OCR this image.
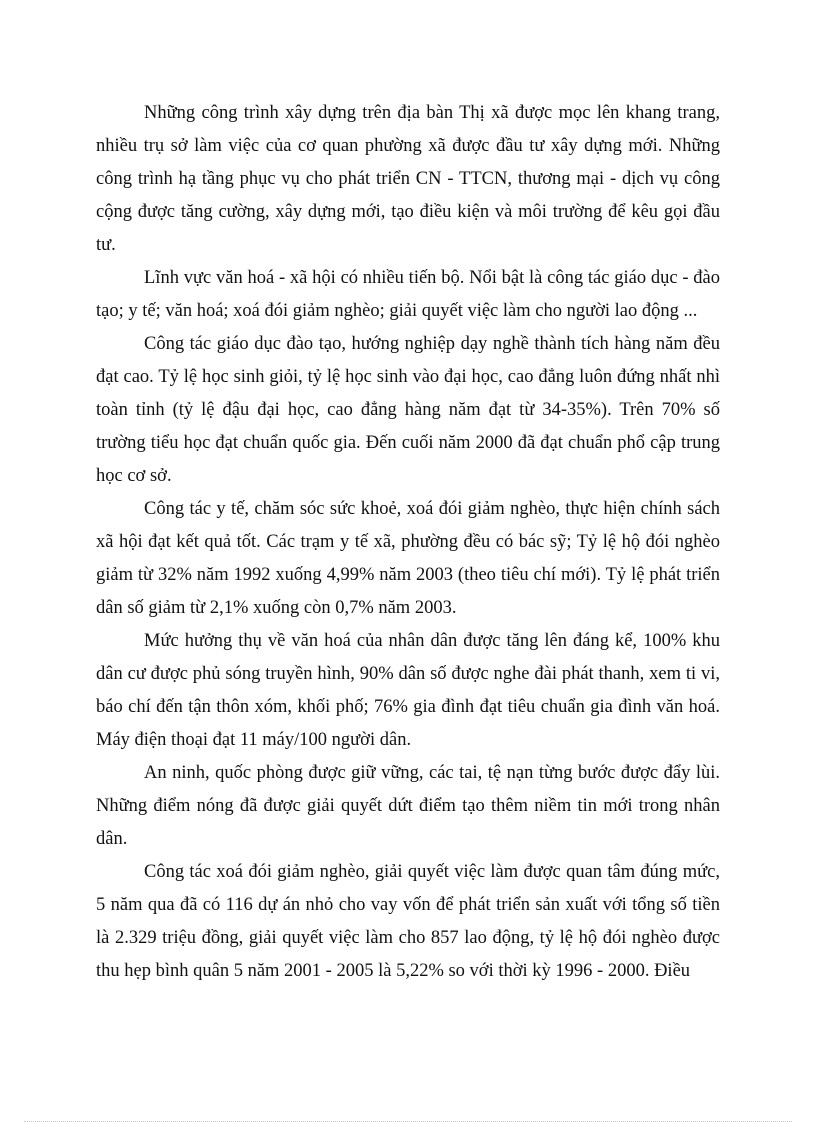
Những công trình xây dựng trên địa bàn Thị xã được mọc lên khang trang, nhiều trụ sở làm việc của cơ quan phường xã được đầu tư xây dựng mới. Những công trình hạ tầng phục vụ cho phát triển CN - TTCN, thương mại - dịch vụ công cộng được tăng cường, xây dựng mới, tạo điều kiện và môi trường để kêu gọi đầu tư.

Lĩnh vực văn hoá - xã hội có nhiều tiến bộ. Nổi bật là công tác giáo dục - đào tạo; y tế; văn hoá; xoá đói giảm nghèo; giải quyết việc làm cho người lao động ...

Công tác giáo dục đào tạo, hướng nghiệp dạy nghề thành tích hàng năm đều đạt cao. Tỷ lệ học sinh giỏi, tỷ lệ học sinh vào đại học, cao đẳng luôn đứng nhất nhì toàn tỉnh (tỷ lệ đậu đại học, cao đẳng hàng năm đạt từ 34-35%). Trên 70% số trường tiểu học đạt chuẩn quốc gia. Đến cuối năm 2000 đã đạt chuẩn phổ cập trung học cơ sở.

Công tác y tế, chăm sóc sức khoẻ, xoá đói giảm nghèo, thực hiện chính sách xã hội đạt kết quả tốt. Các trạm y tế xã, phường đều có bác sỹ; Tỷ lệ hộ đói nghèo giảm từ 32% năm 1992 xuống 4,99% năm 2003 (theo tiêu chí mới). Tỷ lệ phát triển dân số giảm từ 2,1% xuống còn 0,7% năm 2003.

Mức hưởng thụ về văn hoá của nhân dân được tăng lên đáng kể, 100% khu dân cư được phủ sóng truyền hình, 90% dân số được nghe đài phát thanh, xem ti vi, báo chí đến tận thôn xóm, khối phố; 76% gia đình đạt tiêu chuẩn gia đình văn hoá. Máy điện thoại đạt 11 máy/100 người dân.

An ninh, quốc phòng được giữ vững, các tai, tệ nạn từng bước được đẩy lùi. Những điểm nóng đã được giải quyết dứt điểm tạo thêm niềm tin mới trong nhân dân.

Công tác xoá đói giảm nghèo, giải quyết việc làm được quan tâm đúng mức, 5 năm qua đã có 116 dự án nhỏ cho vay vốn để phát triển sản xuất với tổng số tiền là 2.329 triệu đồng, giải quyết việc làm cho 857 lao động, tỷ lệ hộ đói nghèo được thu hẹp bình quân 5 năm 2001 - 2005 là 5,22% so với thời kỳ 1996 - 2000. Điều
